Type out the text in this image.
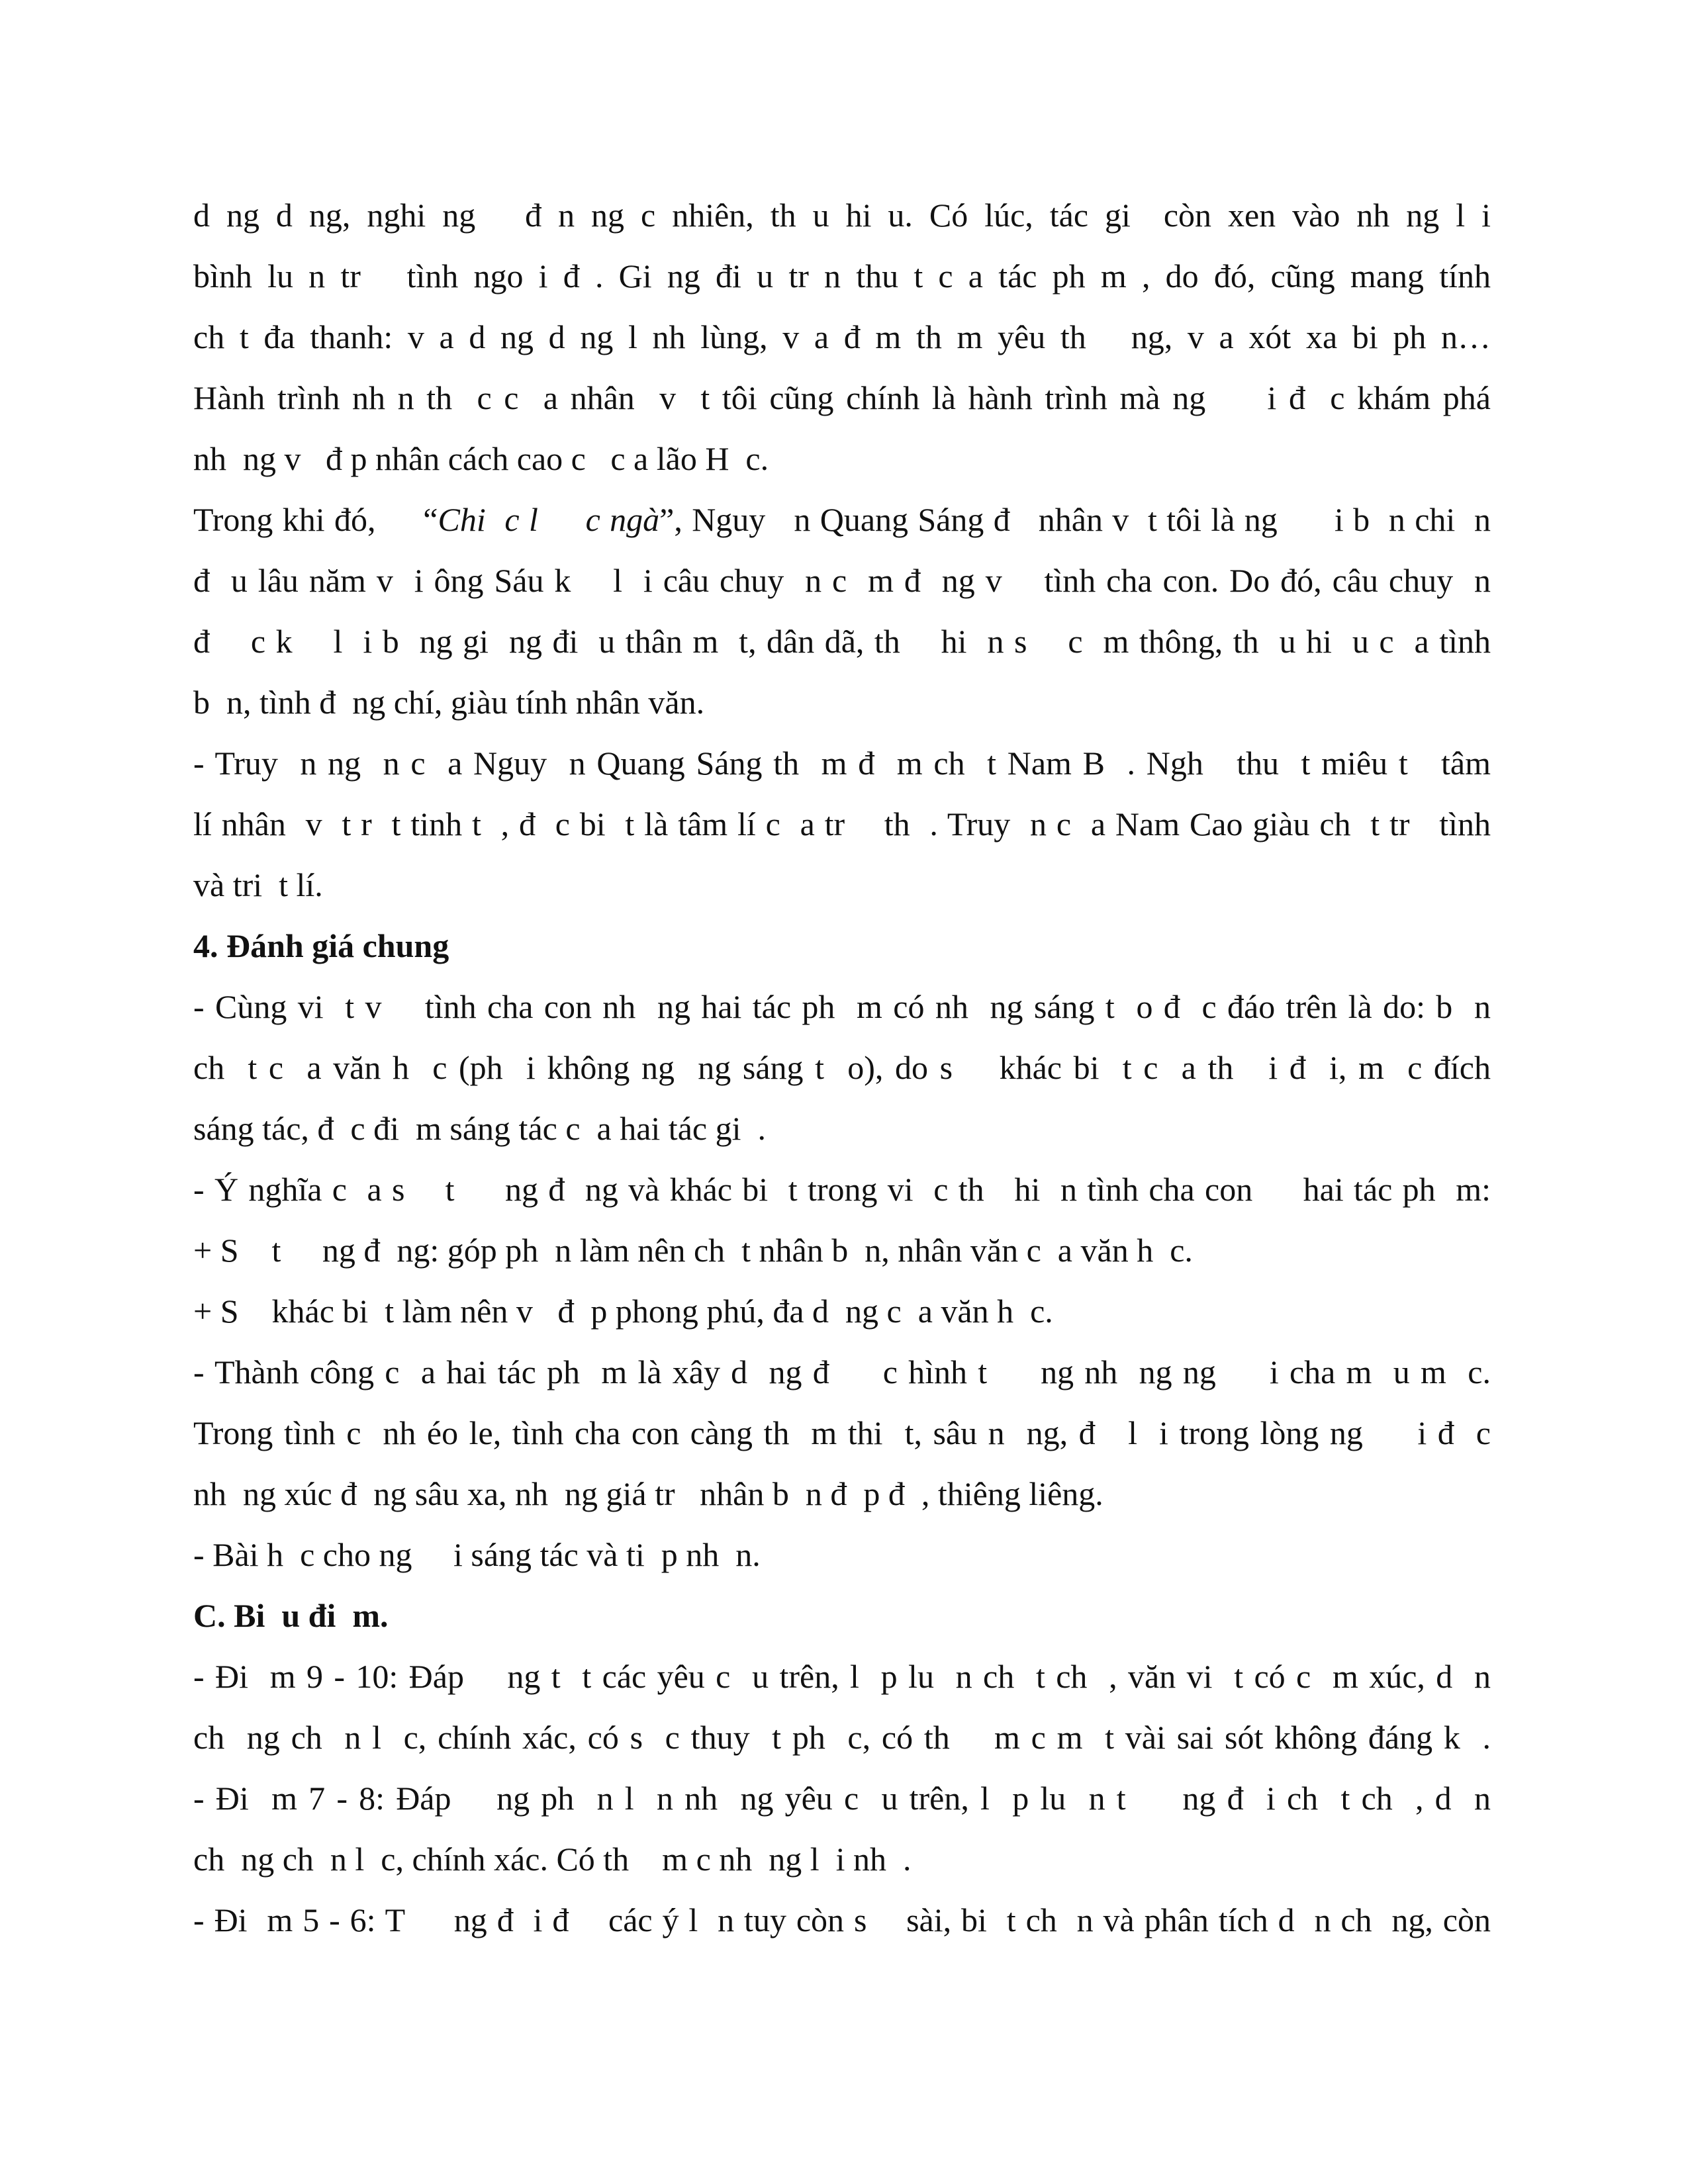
d ng d ng, nghi ng   đ n ng c nhiên, th u hi u. Có lúc, tác gi  còn xen vào nh ng l i
bình lu n tr   tình ngo i đ . Gi ng đi u tr n thu t c a tác ph m , do đó, cũng mang tính
ch t đa thanh: v a d ng d ng l nh lùng, v a đ m th m yêu th   ng, v a xót xa bi ph n…
Hành trình nh n th  c c  a nhân  v  t tôi cũng chính là hành trình mà ng     i đ  c khám phá
nh  ng v   đ p nhân cách cao c   c a lão H  c.
Trong khi đó,     “Chi  c l     c ngà”, Nguy   n Quang Sáng đ   nhân v  t tôi là ng      i b  n chi  n
đ  u lâu năm v  i ông Sáu k    l  i câu chuy  n c  m đ  ng v    tình cha con. Do đó, câu chuy  n
đ    c k    l  i b  ng gi  ng đi  u thân m  t, dân dã, th    hi  n s    c  m thông, th  u hi  u c  a tình
b  n, tình đ  ng chí, giàu tính nhân văn.
- Truy  n ng  n c  a Nguy  n Quang Sáng th  m đ  m ch  t Nam B  . Ngh   thu  t miêu t   tâm
lí nhân  v  t r  t tinh t  , đ  c bi  t là tâm lí c  a tr    th  . Truy  n c  a Nam Cao giàu ch  t tr   tình
và tri  t lí.
4. Đánh giá chung
- Cùng vi  t v    tình cha con nh  ng hai tác ph  m có nh  ng sáng t  o đ  c đáo trên là do: b  n
ch  t c  a văn h  c (ph  i không ng  ng sáng t  o), do s    khác bi  t c  a th   i đ  i, m  c đích
sáng tác, đ  c đi  m sáng tác c  a hai tác gi  .
- Ý nghĩa c  a s    t     ng đ  ng và khác bi  t trong vi  c th   hi  n tình cha con     hai tác ph  m:
+ S    t     ng đ  ng: góp ph  n làm nên ch  t nhân b  n, nhân văn c  a văn h  c.
+ S    khác bi  t làm nên v   đ  p phong phú, đa d  ng c  a văn h  c.
- Thành công c  a hai tác ph  m là xây d  ng đ     c hình t     ng nh  ng ng     i cha m  u m  c.
Trong tình c  nh éo le, tình cha con càng th  m thi  t, sâu n  ng, đ   l  i trong lòng ng     i đ  c
nh  ng xúc đ  ng sâu xa, nh  ng giá tr   nhân b  n đ  p đ  , thiêng liêng.
- Bài h  c cho ng     i sáng tác và ti  p nh  n.
C. Bi  u đi  m.
- Đi  m 9 - 10: Đáp    ng t  t các yêu c  u trên, l  p lu  n ch  t ch  , văn vi  t có c  m xúc, d  n
ch  ng ch  n l  c, chính xác, có s  c thuy  t ph  c, có th    m c m  t vài sai sót không đáng k  .
- Đi  m 7 - 8: Đáp    ng ph  n l  n nh  ng yêu c  u trên, l  p lu  n t     ng đ  i ch  t ch  , d  n
ch  ng ch  n l  c, chính xác. Có th    m c nh  ng l  i nh  .
- Đi  m 5 - 6: T     ng đ  i đ    các ý l  n tuy còn s    sài, bi  t ch  n và phân tích d  n ch  ng, còn
